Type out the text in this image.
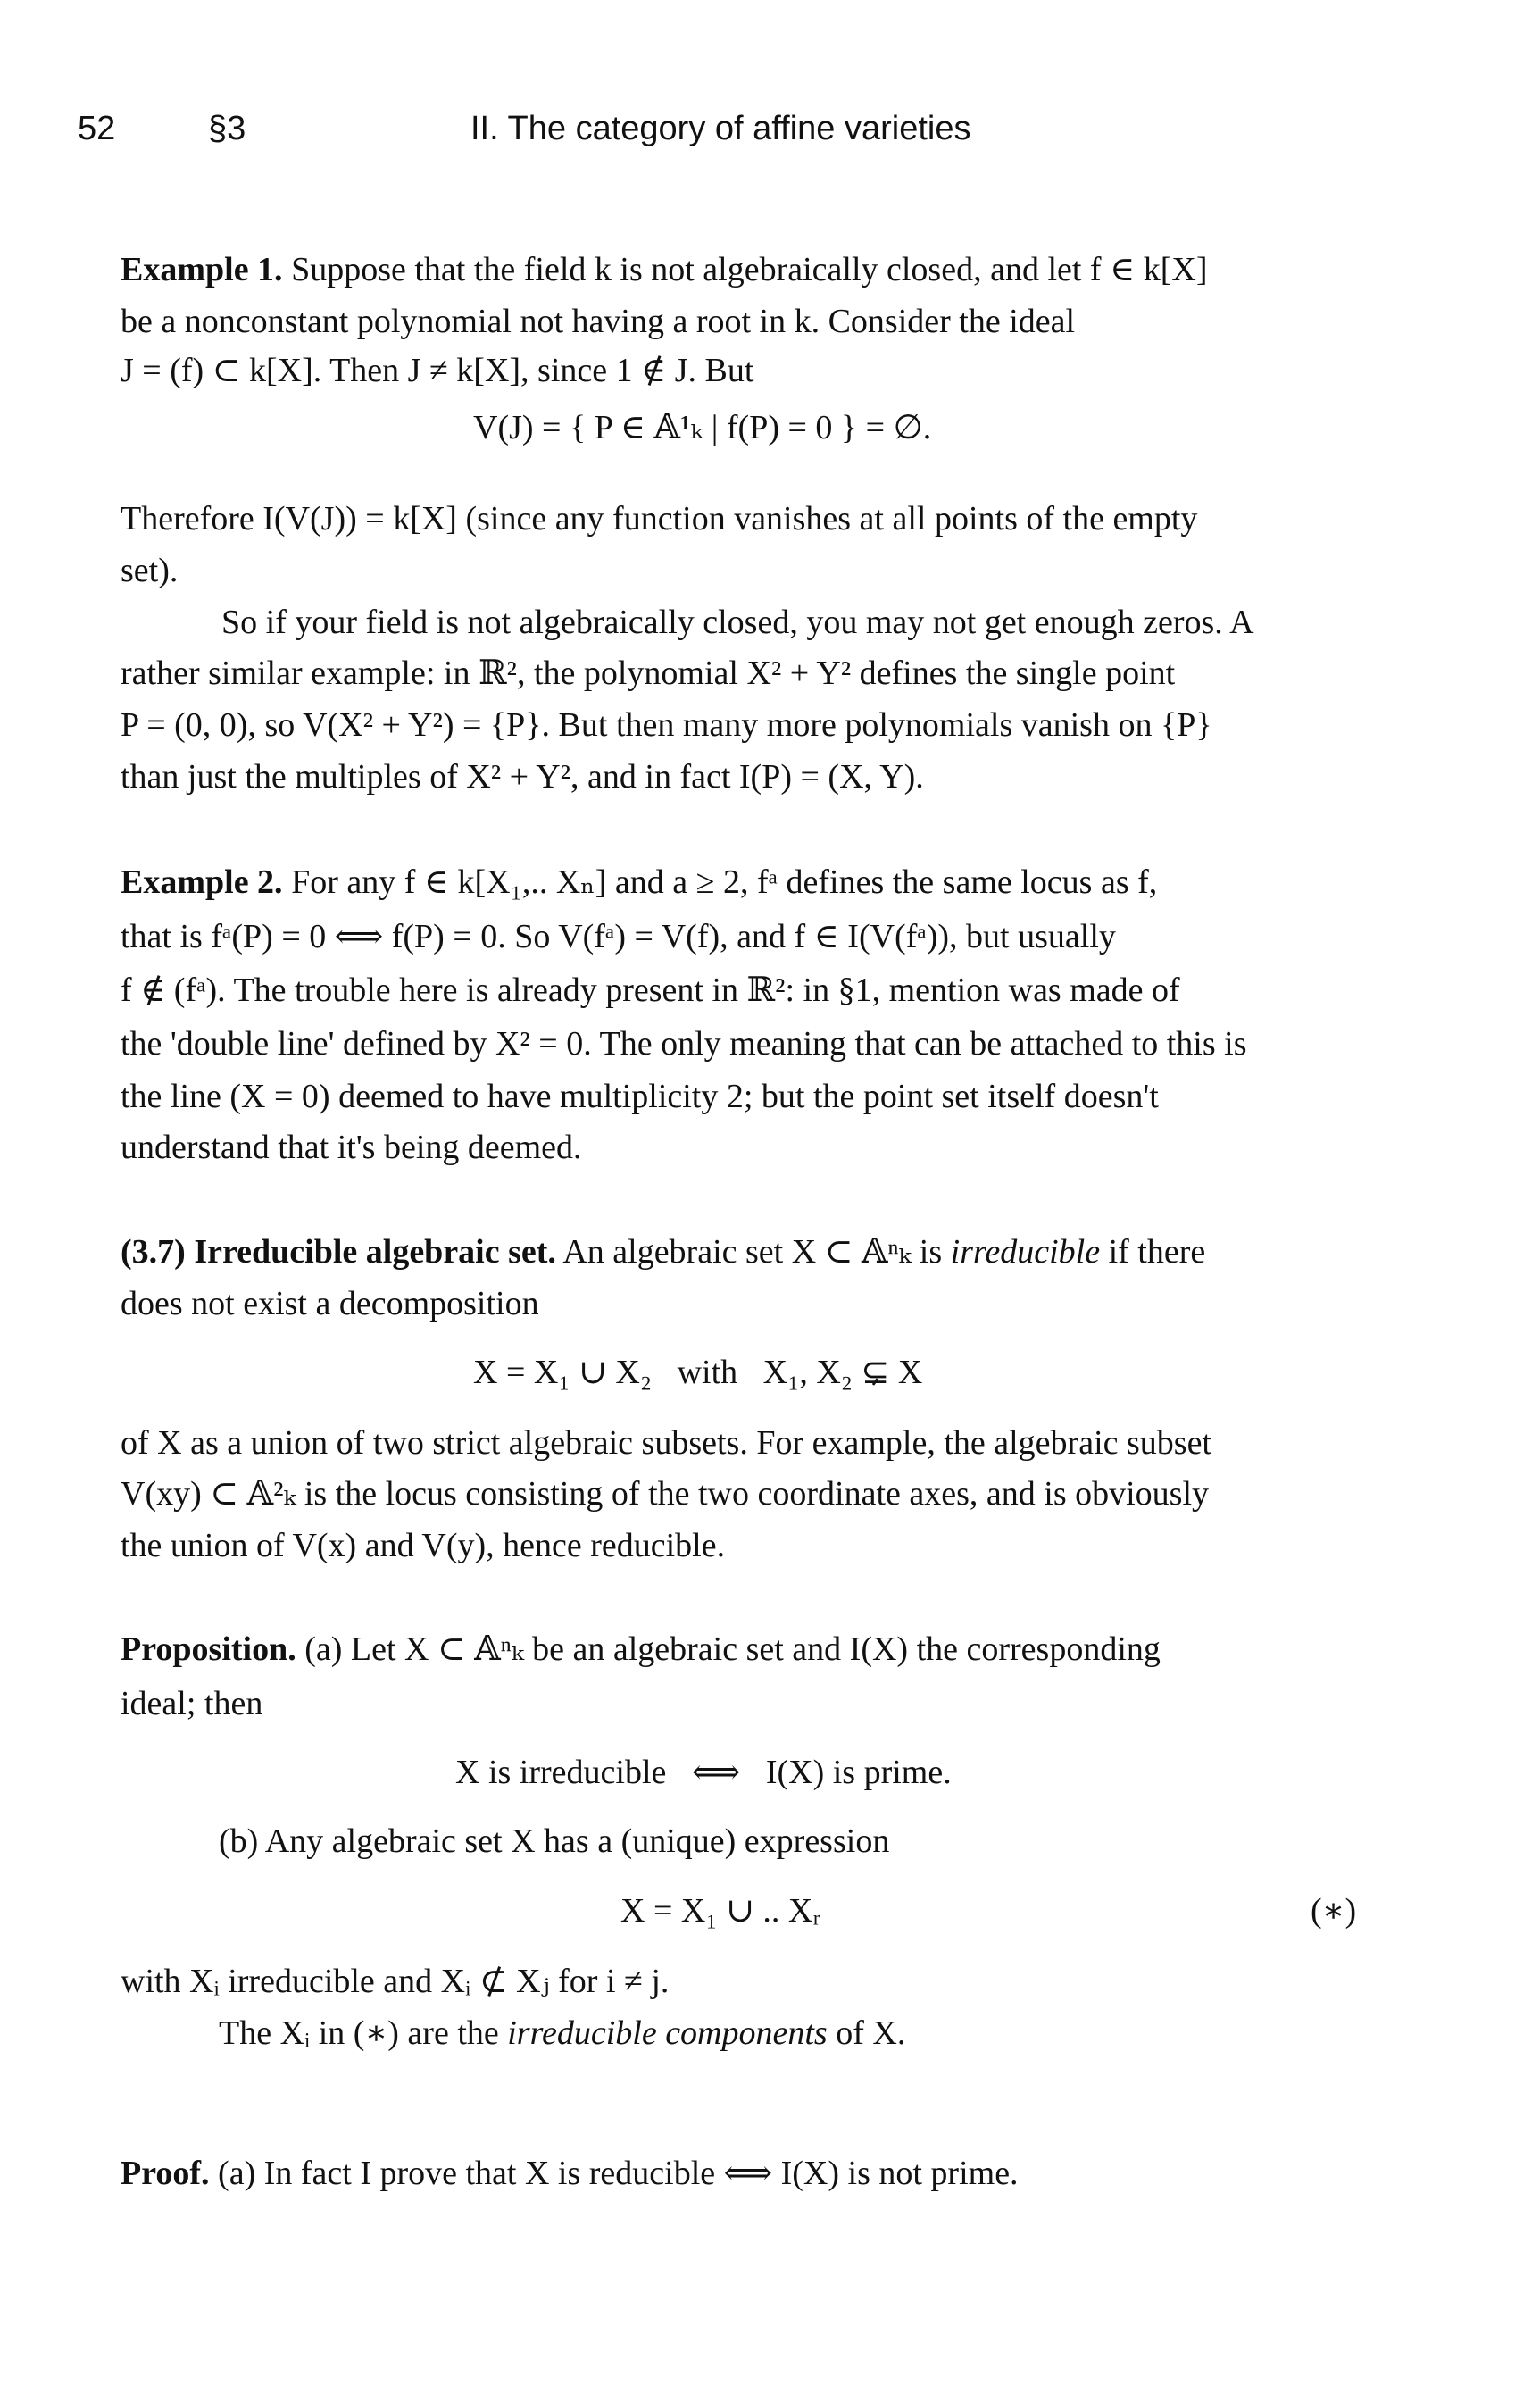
52	§3	II. The category of affine varieties
Example 1. Suppose that the field k is not algebraically closed, and let f ∈ k[X]
be a nonconstant polynomial not having a root in k. Consider the ideal
J = (f) ⊂ k[X]. Then J ≠ k[X], since 1 ∉ J. But
V(J) = { P ∈ 𝔸¹ₖ | f(P) = 0 } = ∅.
Therefore I(V(J)) = k[X] (since any function vanishes at all points of the empty
set).
So if your field is not algebraically closed, you may not get enough zeros. A
rather similar example: in ℝ², the polynomial X² + Y² defines the single point
P = (0, 0), so V(X² + Y²) = {P}. But then many more polynomials vanish on {P}
than just the multiples of X² + Y², and in fact I(P) = (X, Y).
Example 2. For any f ∈ k[X₁,.. Xₙ] and a ≥ 2, fᵃ defines the same locus as f,
that is fᵃ(P) = 0 ⟺ f(P) = 0. So V(fᵃ) = V(f), and f ∈ I(V(fᵃ)), but usually
f ∉ (fᵃ). The trouble here is already present in ℝ²: in §1, mention was made of
the 'double line' defined by X² = 0. The only meaning that can be attached to this is
the line (X = 0) deemed to have multiplicity 2; but the point set itself doesn't
understand that it's being deemed.
(3.7) Irreducible algebraic set. An algebraic set X ⊂ 𝔸ⁿₖ is irreducible if there
does not exist a decomposition
X = X₁ ∪ X₂   with   X₁, X₂ ⊊ X
of X as a union of two strict algebraic subsets. For example, the algebraic subset
V(xy) ⊂ 𝔸²ₖ is the locus consisting of the two coordinate axes, and is obviously
the union of V(x) and V(y), hence reducible.
Proposition. (a) Let X ⊂ 𝔸ⁿₖ be an algebraic set and I(X) the corresponding
ideal; then
X is irreducible   ⟺   I(X) is prime.
(b) Any algebraic set X has a (unique) expression
X = X₁ ∪ .. Xᵣ	(∗)
with Xᵢ irreducible and Xᵢ ⊄ Xⱼ for i ≠ j.
The Xᵢ in (∗) are the irreducible components of X.
Proof. (a) In fact I prove that X is reducible ⟺ I(X) is not prime.
